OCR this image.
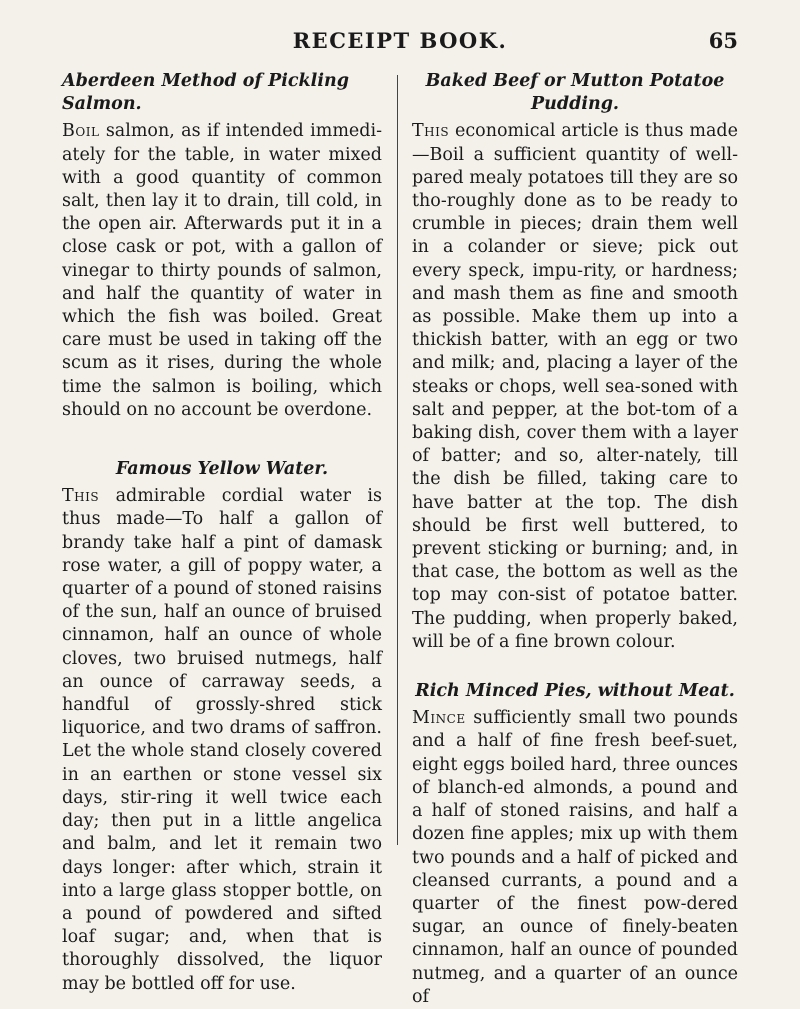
RECEIPT BOOK.	65
Aberdeen Method of Pickling Salmon.

Boil salmon, as if intended immedi-ately for the table, in water mixed with a good quantity of common salt, then lay it to drain, till cold, in the open air. Afterwards put it in a close cask or pot, with a gallon of vinegar to thirty pounds of salmon, and half the quantity of water in which the fish was boiled. Great care must be used in taking off the scum as it rises, during the whole time the salmon is boiling, which should on no account be overdone.

Famous Yellow Water.

This admirable cordial water is thus made—To half a gallon of brandy take half a pint of damask rose water, a gill of poppy water, a quarter of a pound of stoned raisins of the sun, half an ounce of bruised cinnamon, half an ounce of whole cloves, two bruised nutmegs, half an ounce of carraway seeds, a handful of grossly-shred stick liquorice, and two drams of saffron. Let the whole stand closely covered in an earthen or stone vessel six days, stir-ring it well twice each day; then put in a little angelica and balm, and let it remain two days longer: after which, strain it into a large glass stopper bottle, on a pound of powdered and sifted loaf sugar; and, when that is thoroughly dissolved, the liquor may be bottled off for use.

Baked Beef or Mutton Potatoe Pudding.

This economical article is thus made —Boil a sufficient quantity of well-pared mealy potatoes till they are so tho-roughly done as to be ready to crumble in pieces; drain them well in a colander or sieve; pick out every speck, impu-rity, or hardness; and mash them as fine and smooth as possible. Make them up into a thickish batter, with an egg or two and milk; and, placing a layer of the steaks or chops, well sea-soned with salt and pepper, at the bot-tom of a baking dish, cover them with a layer of batter; and so, alter-nately, till the dish be filled, taking care to have batter at the top. The dish should be first well buttered, to prevent sticking or burning; and, in that case, the bottom as well as the top may con-sist of potatoe batter. The pudding, when properly baked, will be of a fine brown colour.

Rich Minced Pies, without Meat.

Mince sufficiently small two pounds and a half of fine fresh beef-suet, eight eggs boiled hard, three ounces of blanch-ed almonds, a pound and a half of stoned raisins, and half a dozen fine apples; mix up with them two pounds and a half of picked and cleansed currants, a pound and a quarter of the finest pow-dered sugar, an ounce of finely-beaten cinnamon, half an ounce of pounded nutmeg, and a quarter of an ounce of
